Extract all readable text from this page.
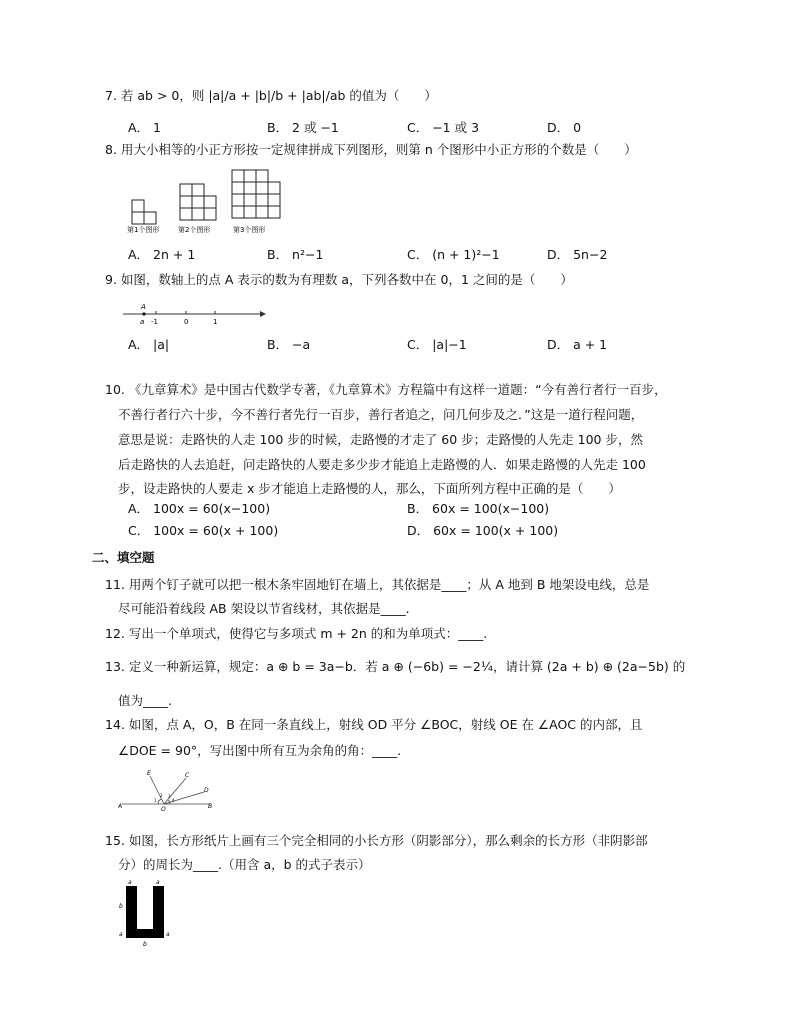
7. 若 ab > 0，则 |a|/a + |b|/b + |ab|/ab 的值为（　　）
A． 1	B． 2 或 −1	C． −1 或 3	D． 0
8. 用大小相等的小正方形按一定规律拼成下列图形，则第 n 个图形中小正方形的个数是（　　）
第1个图形	第2个图形	第3个图形
A． 2n + 1	B． n²−1	C． (n + 1)²−1	D． 5n−2
9. 如图，数轴上的点 A 表示的数为有理数 a，下列各数中在 0，1 之间的是（　　）
A
a -1	0	1
A． |a|	B． −a	C． |a|−1	D． a + 1
10. 《九章算术》是中国古代数学专著，《九章算术》方程篇中有这样一道题：“今有善行者行一百步，
不善行者行六十步，今不善行者先行一百步，善行者追之，问几何步及之．”这是一道行程问题，
意思是说：走路快的人走 100 步的时候，走路慢的才走了 60 步；走路慢的人先走 100 步，然
后走路快的人去追赶，问走路快的人要走多少步才能追上走路慢的人．如果走路慢的人先走 100
步，设走路快的人要走 x 步才能追上走路慢的人，那么，下面所列方程中正确的是（　　）
A． 100x = 60(x−100)	B． 60x = 100(x−100)
C． 100x = 60(x + 100)	D． 60x = 100(x + 100)
二、填空题
11. 用两个钉子就可以把一根木条牢固地钉在墙上，其依据是____；从 A 地到 B 地架设电线，总是
尽可能沿着线段 AB 架设以节省线材，其依据是____.
12. 写出一个单项式，使得它与多项式 m + 2n 的和为单项式：____.
13. 定义一种新运算，规定：a ⊕ b = 3a−b．若 a ⊕ (−6b) = −2¼，请计算 (2a + b) ⊕ (2a−5b) 的
值为____.
14. 如图，点 A，O，B 在同一条直线上，射线 OD 平分 ∠BOC，射线 OE 在 ∠AOC 的内部，且
∠DOE = 90°，写出图中所有互为余角的角：____.
E
D
C
A	O	B
1
2 3
4
15. 如图，长方形纸片上画有三个完全相同的小长方形（阴影部分），那么剩余的长方形（非阴影部
分）的周长为____.（用含 a，b 的式子表示）
a	a
b
b
a	a
